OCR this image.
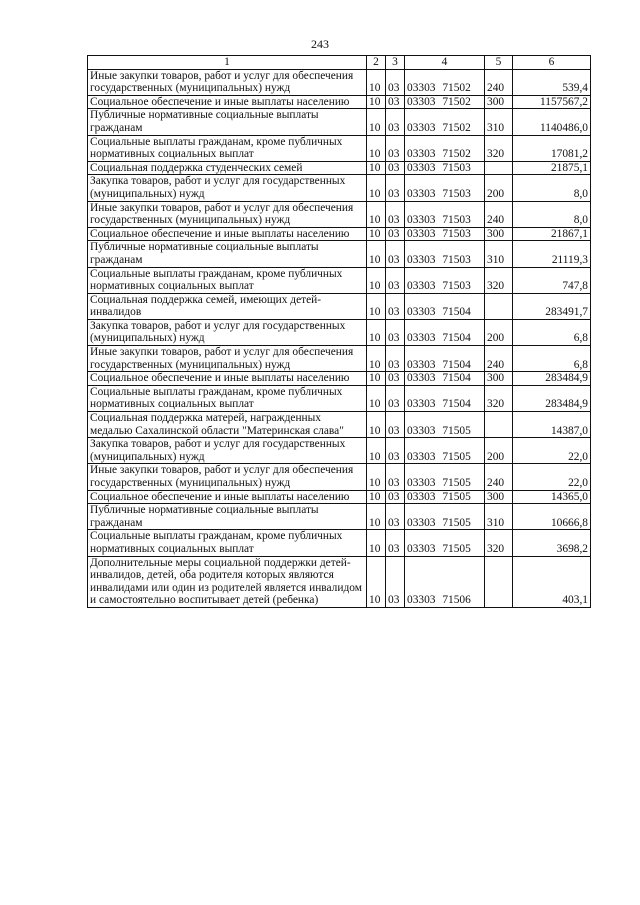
243
1	2	3	4	5	6
Иные закупки товаров, работ и услуг для обеспечения государственных (муниципальных) нужд	10	03	03303 71502	240	539,4
Социальное обеспечение и иные выплаты населению	10	03	03303 71502	300	1157567,2
Публичные нормативные социальные выплаты гражданам	10	03	03303 71502	310	1140486,0
Социальные выплаты гражданам, кроме публичных нормативных социальных выплат	10	03	03303 71502	320	17081,2
Социальная поддержка студенческих семей	10	03	03303 71503		21875,1
Закупка товаров, работ и услуг для государственных (муниципальных) нужд	10	03	03303 71503	200	8,0
Иные закупки товаров, работ и услуг для обеспечения государственных (муниципальных) нужд	10	03	03303 71503	240	8,0
Социальное обеспечение и иные выплаты населению	10	03	03303 71503	300	21867,1
Публичные нормативные социальные выплаты гражданам	10	03	03303 71503	310	21119,3
Социальные выплаты гражданам, кроме публичных нормативных социальных выплат	10	03	03303 71503	320	747,8
Социальная поддержка семей, имеющих детей-инвалидов	10	03	03303 71504		283491,7
Закупка товаров, работ и услуг для государственных (муниципальных) нужд	10	03	03303 71504	200	6,8
Иные закупки товаров, работ и услуг для обеспечения государственных (муниципальных) нужд	10	03	03303 71504	240	6,8
Социальное обеспечение и иные выплаты населению	10	03	03303 71504	300	283484,9
Социальные выплаты гражданам, кроме публичных нормативных социальных выплат	10	03	03303 71504	320	283484,9
Социальная поддержка матерей, награжденных медалью Сахалинской области "Материнская слава"	10	03	03303 71505		14387,0
Закупка товаров, работ и услуг для государственных (муниципальных) нужд	10	03	03303 71505	200	22,0
Иные закупки товаров, работ и услуг для обеспечения государственных (муниципальных) нужд	10	03	03303 71505	240	22,0
Социальное обеспечение и иные выплаты населению	10	03	03303 71505	300	14365,0
Публичные нормативные социальные выплаты гражданам	10	03	03303 71505	310	10666,8
Социальные выплаты гражданам, кроме публичных нормативных социальных выплат	10	03	03303 71505	320	3698,2
Дополнительные меры социальной поддержки детей-инвалидов, детей, оба родителя которых являются инвалидами или один из родителей является инвалидом и самостоятельно воспитывает детей (ребенка)	10	03	03303 71506		403,1
